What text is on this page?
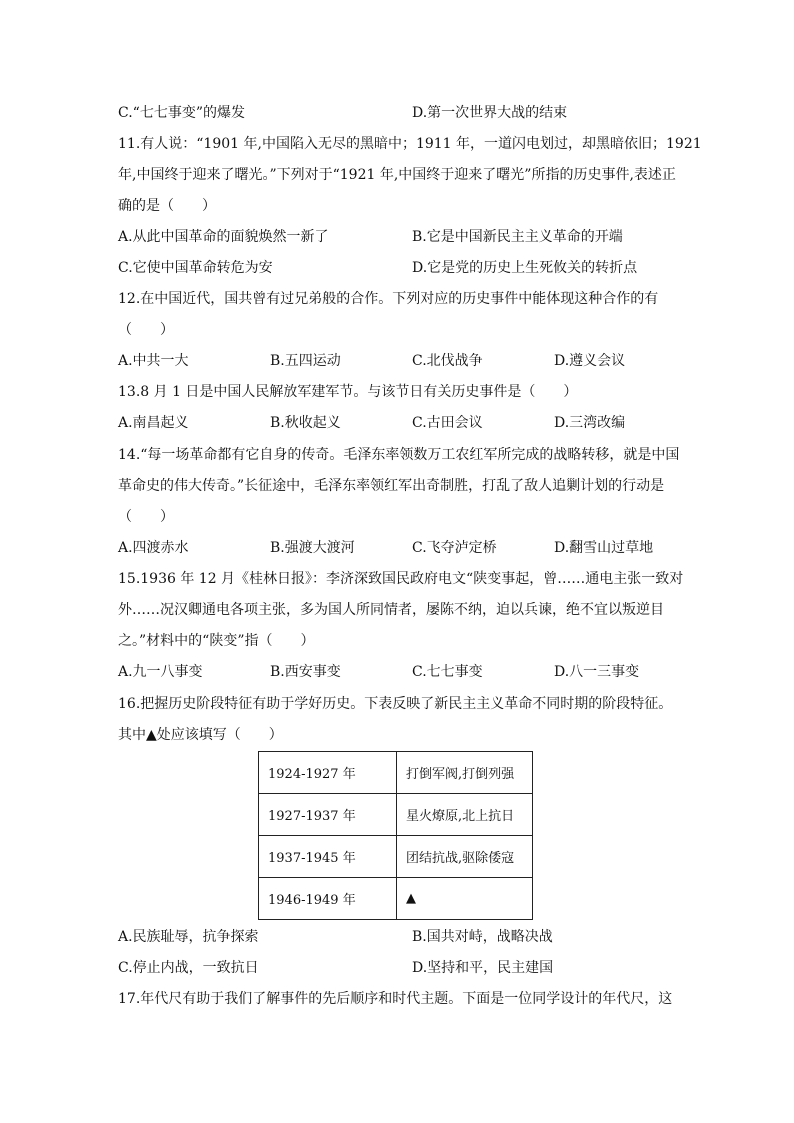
C.“七七事变”的爆发	D.第一次世界大战的结束
11.有人说：“1901 年,中国陷入无尽的黑暗中；1911 年，一道闪电划过，却黑暗依旧；1921
年,中国终于迎来了曙光。”下列对于“1921 年,中国终于迎来了曙光”所指的历史事件,表述正
确的是（　　）
A.从此中国革命的面貌焕然一新了	B.它是中国新民主主义革命的开端
C.它使中国革命转危为安	D.它是党的历史上生死攸关的转折点
12.在中国近代，国共曾有过兄弟般的合作。下列对应的历史事件中能体现这种合作的有
（　　）
A.中共一大	B.五四运动	C.北伐战争	D.遵义会议
13.8 月 1 日是中国人民解放军建军节。与该节日有关历史事件是（　　）
A.南昌起义	B.秋收起义	C.古田会议	D.三湾改编
14.“每一场革命都有它自身的传奇。毛泽东率领数万工农红军所完成的战略转移，就是中国
革命史的伟大传奇。”长征途中，毛泽东率领红军出奇制胜，打乱了敌人追剿计划的行动是
（　　）
A.四渡赤水	B.强渡大渡河	C.飞夺泸定桥	D.翻雪山过草地
15.1936 年 12 月《桂林日报》：李济深致国民政府电文“陕变事起，曾……通电主张一致对
外……况汉卿通电各项主张，多为国人所同情者，屡陈不纳，迫以兵谏，绝不宜以叛逆目
之。”材料中的“陕变”指（　　）
A.九一八事变	B.西安事变	C.七七事变	D.八一三事变
16.把握历史阶段特征有助于学好历史。下表反映了新民主主义革命不同时期的阶段特征。
其中▲处应该填写（　　）
1924-1927 年	打倒军阀,打倒列强
1927-1937 年	星火燎原,北上抗日
1937-1945 年	团结抗战,驱除倭寇
1946-1949 年	▲
A.民族耻辱，抗争探索	B.国共对峙，战略决战
C.停止内战，一致抗日	D.坚持和平，民主建国
17.年代尺有助于我们了解事件的先后顺序和时代主题。下面是一位同学设计的年代尺，这
